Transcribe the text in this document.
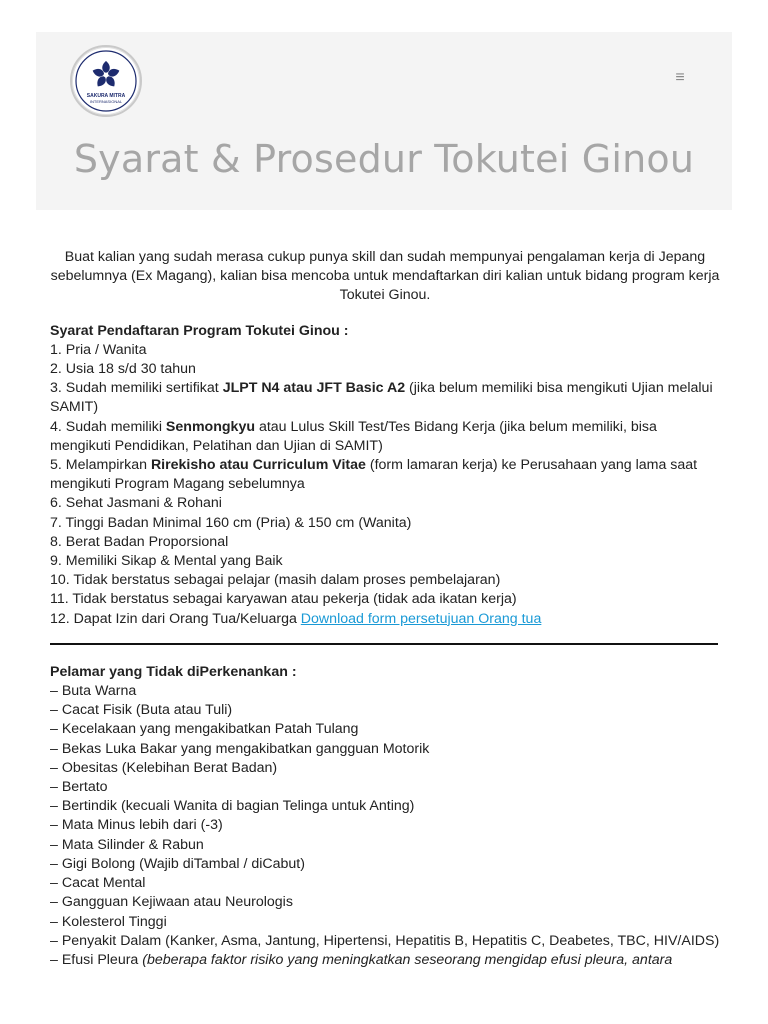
SAKURA MITRA
INTERNASIONAL
≡
Syarat & Prosedur Tokutei Ginou

Buat kalian yang sudah merasa cukup punya skill dan sudah mempunyai pengalaman kerja di Jepang sebelumnya (Ex Magang), kalian bisa mencoba untuk mendaftarkan diri kalian untuk bidang program kerja Tokutei Ginou.

Syarat Pendaftaran Program Tokutei Ginou :

1. Pria / Wanita
2. Usia 18 s/d 30 tahun
3. Sudah memiliki sertifikat JLPT N4 atau JFT Basic A2 (jika belum memiliki bisa mengikuti Ujian melalui SAMIT)
4. Sudah memiliki Senmongkyu atau Lulus Skill Test/Tes Bidang Kerja (jika belum memiliki, bisa mengikuti Pendidikan, Pelatihan dan Ujian di SAMIT)
5. Melampirkan Rirekisho atau Curriculum Vitae (form lamaran kerja) ke Perusahaan yang lama saat mengikuti Program Magang sebelumnya
6. Sehat Jasmani & Rohani
7. Tinggi Badan Minimal 160 cm (Pria) & 150 cm (Wanita)
8. Berat Badan Proporsional
9. Memiliki Sikap & Mental yang Baik
10. Tidak berstatus sebagai pelajar (masih dalam proses pembelajaran)
11. Tidak berstatus sebagai karyawan atau pekerja (tidak ada ikatan kerja)
12. Dapat Izin dari Orang Tua/Keluarga Download form persetujuan Orang tua

Pelamar yang Tidak diPerkenankan :

– Buta Warna
– Cacat Fisik (Buta atau Tuli)
– Kecelakaan yang mengakibatkan Patah Tulang
– Bekas Luka Bakar yang mengakibatkan gangguan Motorik
– Obesitas (Kelebihan Berat Badan)
– Bertato
– Bertindik (kecuali Wanita di bagian Telinga untuk Anting)
– Mata Minus lebih dari (-3)
– Mata Silinder & Rabun
– Gigi Bolong (Wajib diTambal / diCabut)
– Cacat Mental
– Gangguan Kejiwaan atau Neurologis
– Kolesterol Tinggi
– Penyakit Dalam (Kanker, Asma, Jantung, Hipertensi, Hepatitis B, Hepatitis C, Deabetes, TBC, HIV/AIDS)
– Efusi Pleura (beberapa faktor risiko yang meningkatkan seseorang mengidap efusi pleura, antara
